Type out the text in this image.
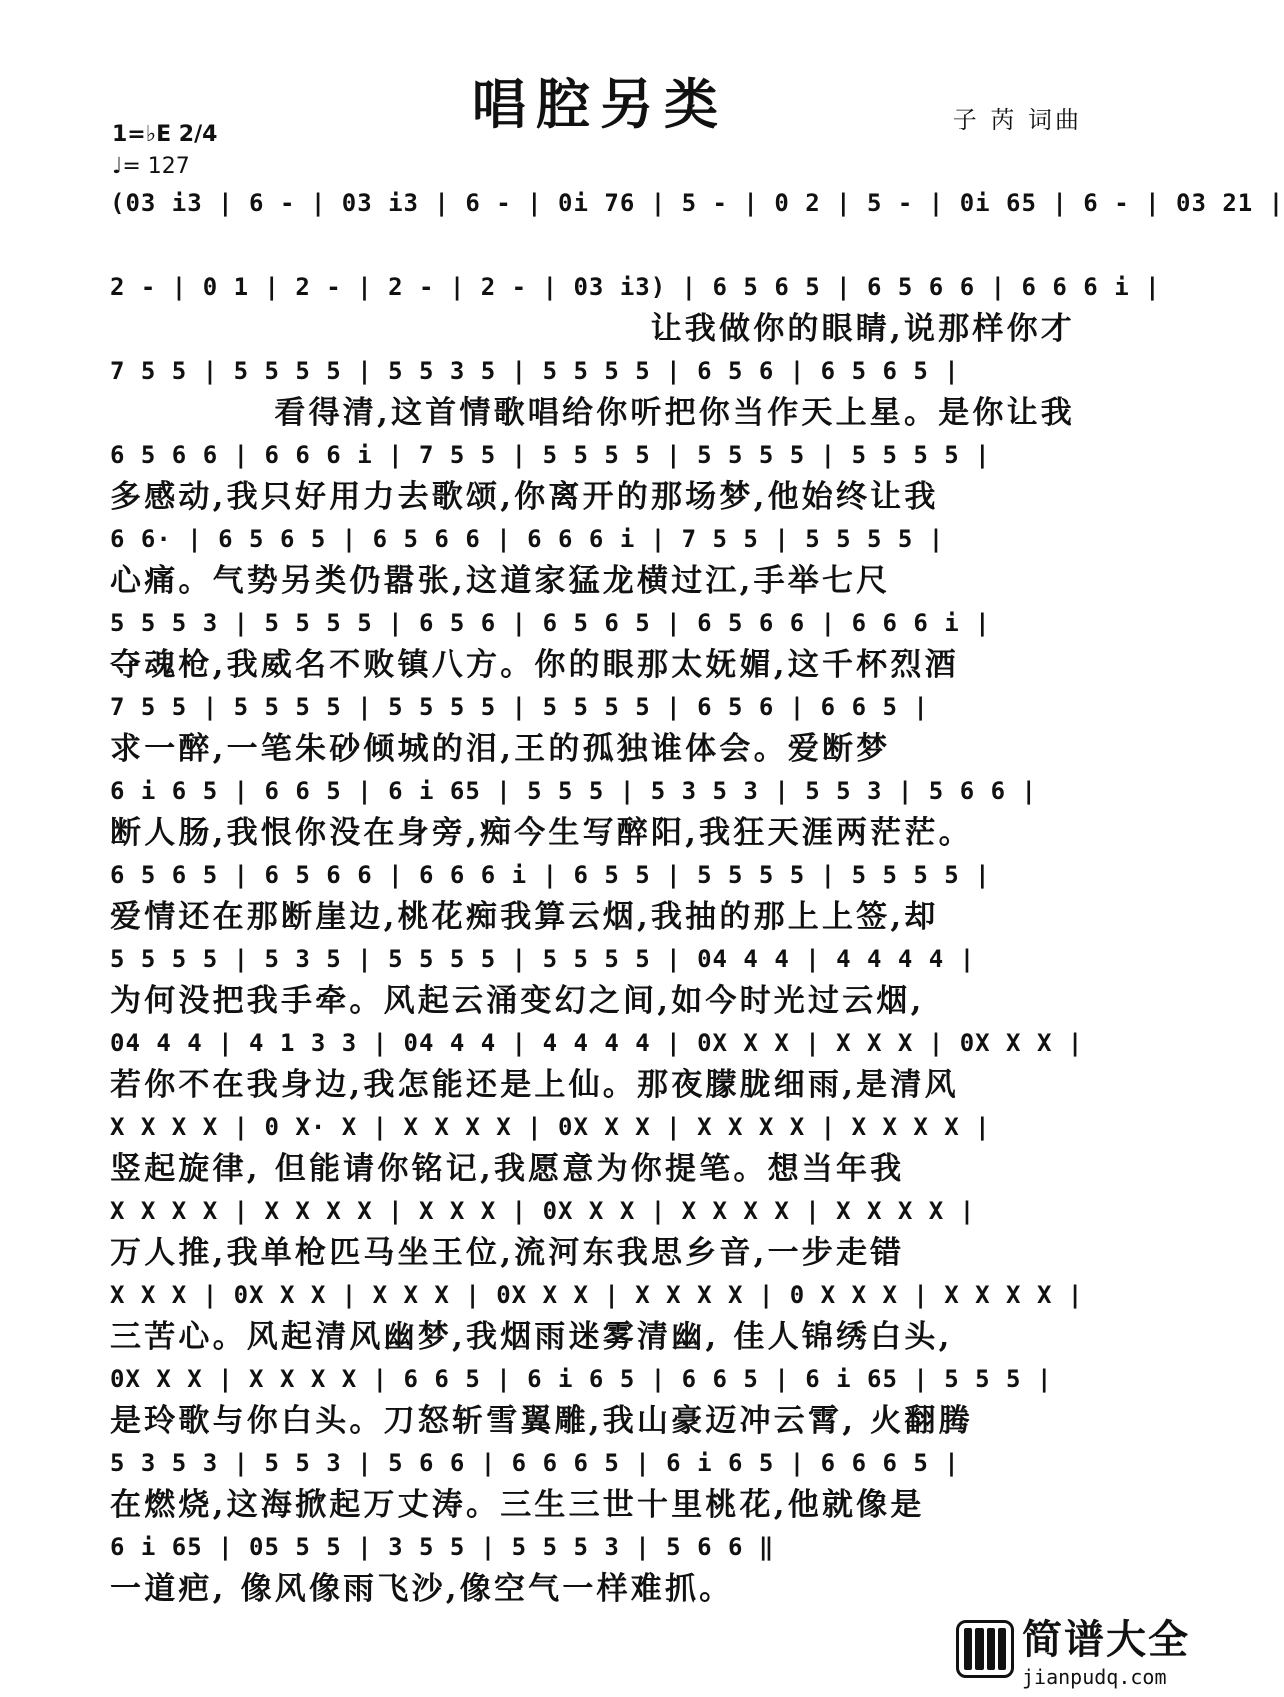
唱腔另类	子 芮 词曲
1=♭E 2/4
♩= 127
(03 i3 | 6 - | 03 i3 | 6 - | 0i 76 | 5 - | 0 2 | 5 - | 0i 65 | 6 - | 03 21 |
2 - | 0 1 | 2 - | 2 - | 2 - | 03 i3) | 6 5 6 5 | 6 5 6 6 | 6 6 6 i |
让我做你的眼睛,说那样你才
7 5 5 | 5 5 5 5 | 5 5 3 5 | 5 5 5 5 | 6 5 6 | 6 5 6 5 |
看得清,这首情歌唱给你听把你当作天上星。是你让我
6 5 6 6 | 6 6 6 i | 7 5 5 | 5 5 5 5 | 5 5 5 5 | 5 5 5 5 |
多感动,我只好用力去歌颂,你离开的那场梦,他始终让我
6 6· | 6 5 6 5 | 6 5 6 6 | 6 6 6 i | 7 5 5 | 5 5 5 5 |
心痛。气势另类仍嚣张,这道家猛龙横过江,手举七尺
5 5 5 3 | 5 5 5 5 | 6 5 6 | 6 5 6 5 | 6 5 6 6 | 6 6 6 i |
夺魂枪,我威名不败镇八方。你的眼那太妩媚,这千杯烈酒
7 5 5 | 5 5 5 5 | 5 5 5 5 | 5 5 5 5 | 6 5 6 | 6 6 5 |
求一醉,一笔朱砂倾城的泪,王的孤独谁体会。爱断梦
6 i 6 5 | 6 6 5 | 6 i 65 | 5 5 5 | 5 3 5 3 | 5 5 3 | 5 6 6 |
断人肠,我恨你没在身旁,痴今生写醉阳,我狂天涯两茫茫。
6 5 6 5 | 6 5 6 6 | 6 6 6 i | 6 5 5 | 5 5 5 5 | 5 5 5 5 |
爱情还在那断崖边,桃花痴我算云烟,我抽的那上上签,却
5 5 5 5 | 5 3 5 | 5 5 5 5 | 5 5 5 5 | 04 4 4 | 4 4 4 4 |
为何没把我手牵。风起云涌变幻之间,如今时光过云烟,
04 4 4 | 4 1 3 3 | 04 4 4 | 4 4 4 4 | 0X X X | X X X | 0X X X |
若你不在我身边,我怎能还是上仙。那夜朦胧细雨,是清风
X X X X | 0 X· X | X X X X | 0X X X | X X X X | X X X X |
竖起旋律, 但能请你铭记,我愿意为你提笔。想当年我
X X X X | X X X X | X X X | 0X X X | X X X X | X X X X |
万人推,我单枪匹马坐王位,流河东我思乡音,一步走错
X X X | 0X X X | X X X | 0X X X | X X X X | 0 X X X | X X X X |
三苦心。风起清风幽梦,我烟雨迷雾清幽, 佳人锦绣白头,
0X X X | X X X X | 6 6 5 | 6 i 6 5 | 6 6 5 | 6 i 65 | 5 5 5 |
是玲歌与你白头。刀怒斩雪翼雕,我山豪迈冲云霄, 火翻腾
5 3 5 3 | 5 5 3 | 5 6 6 | 6 6 6 5 | 6 i 6 5 | 6 6 6 5 |
在燃烧,这海掀起万丈涛。三生三世十里桃花,他就像是
6 i 65 | 05 5 5 | 3 5 5 | 5 5 5 3 | 5 6 6 ‖
一道疤, 像风像雨飞沙,像空气一样难抓。
简谱大全
jianpudq.com
